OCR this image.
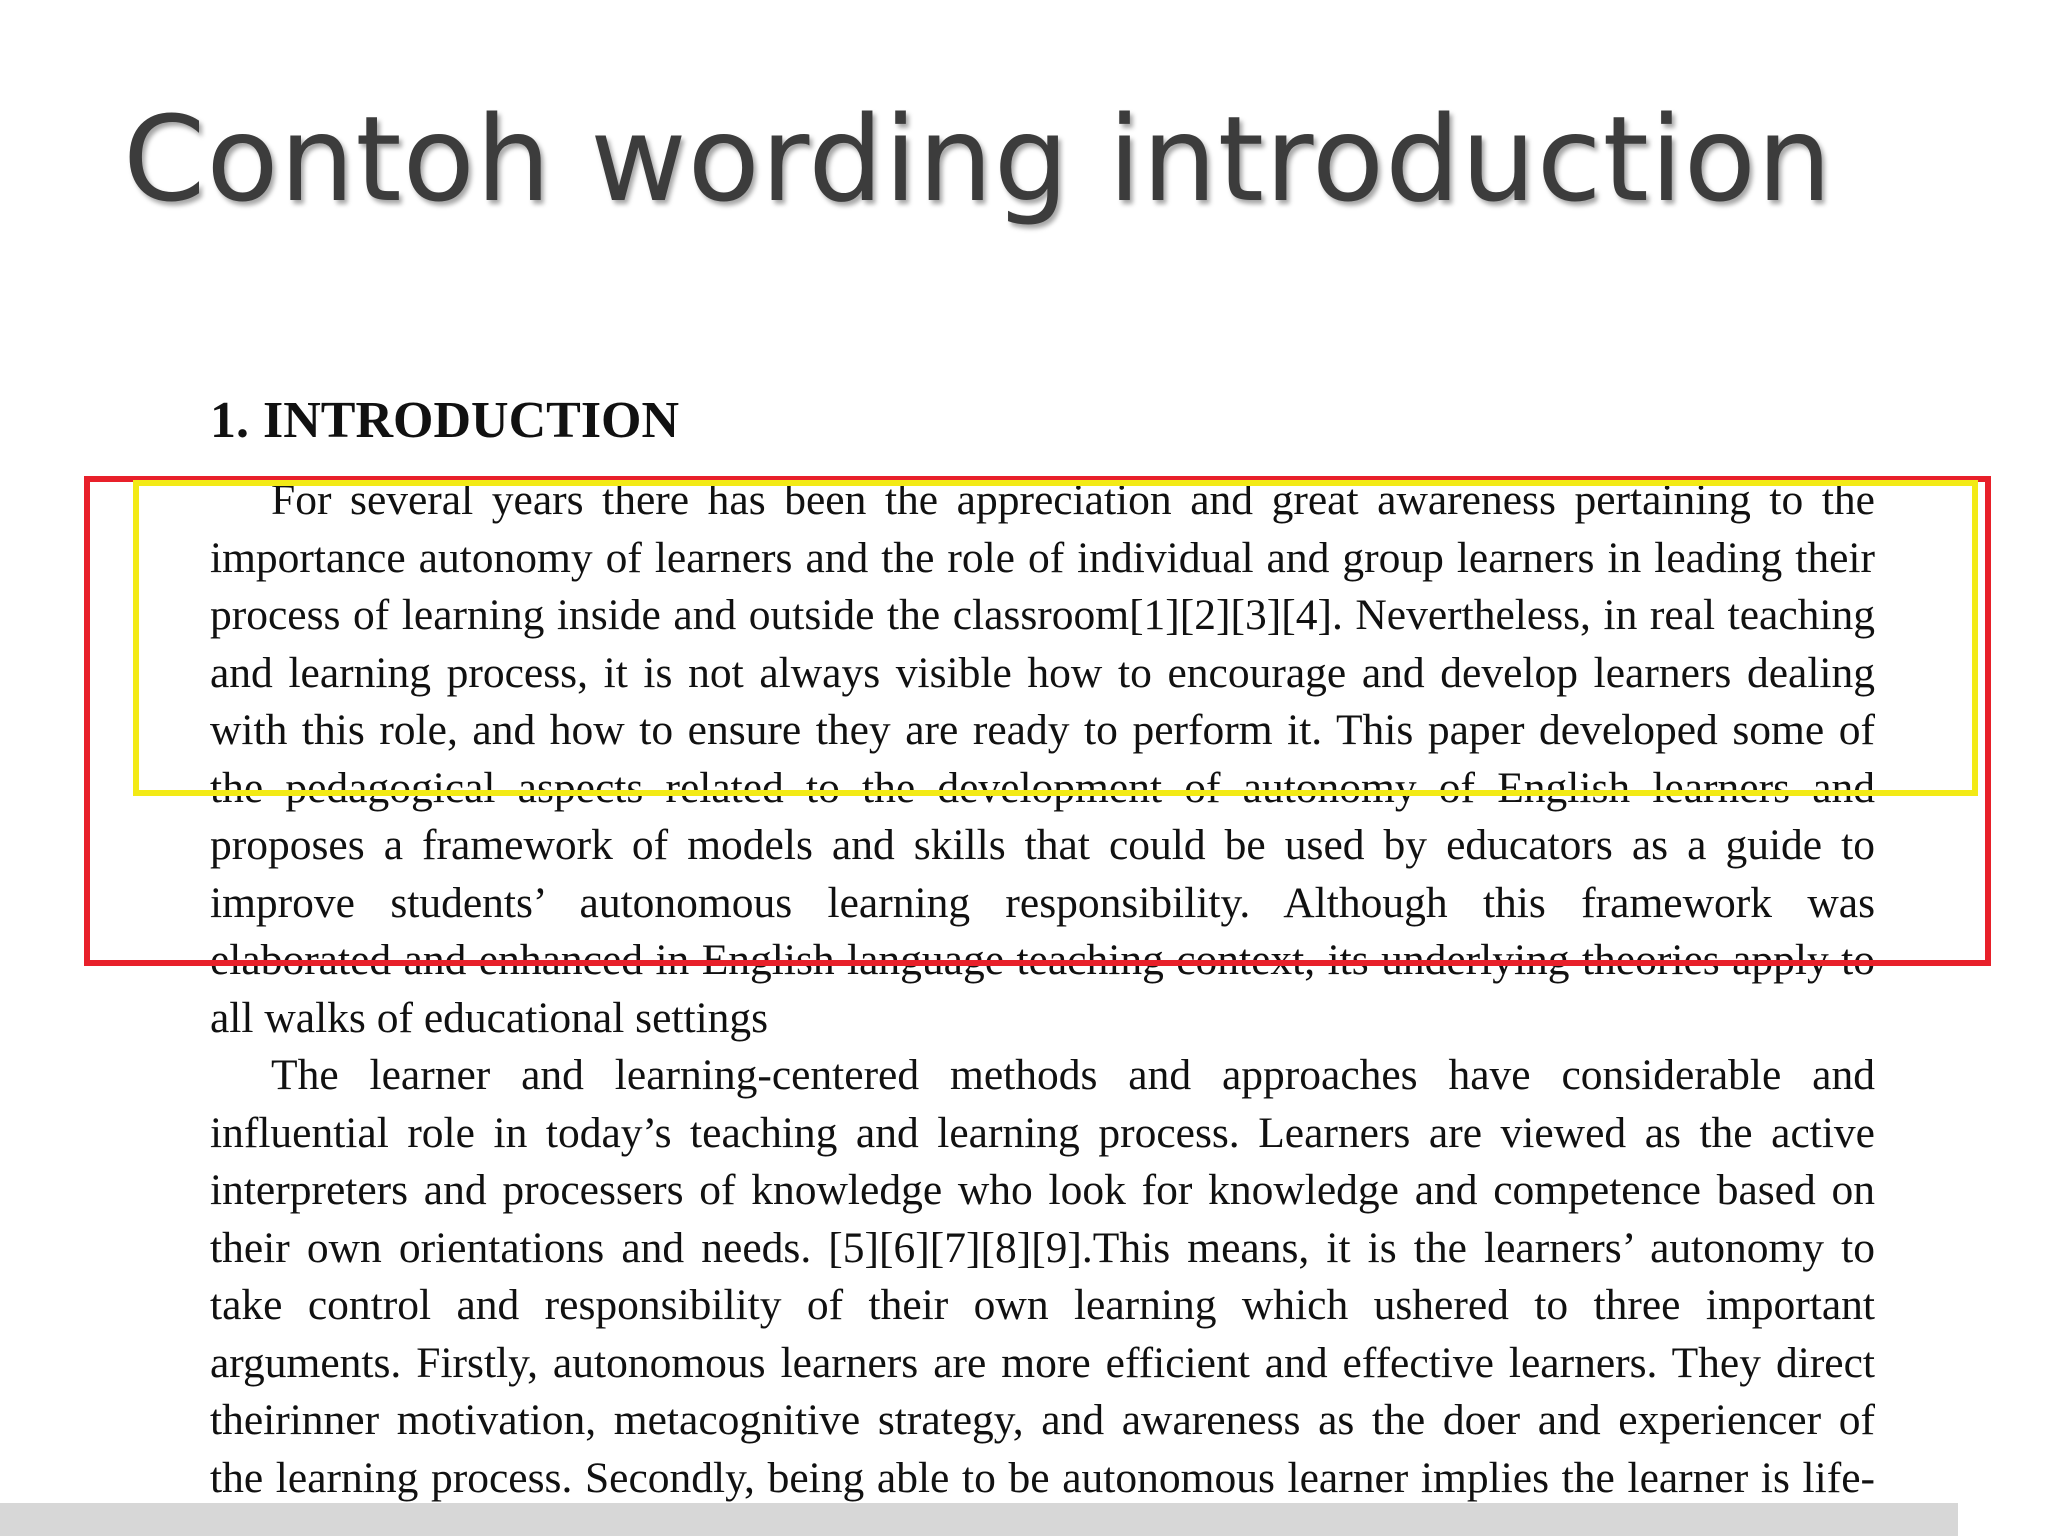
Contoh wording introduction
1. INTRODUCTION
For several years there has been the appreciation and great awareness pertaining to the
importance autonomy of learners and the role of individual and group learners in leading their
process of learning inside and outside the classroom[1][2][3][4]. Nevertheless, in real teaching
and learning process, it is not always visible how to encourage and develop learners dealing
with this role, and how to ensure they are ready to perform it. This paper developed some of
the pedagogical aspects related to the development of autonomy of English learners and
proposes a framework of models and skills that could be used by educators as a guide to
improve students’ autonomous learning responsibility. Although this framework was
elaborated and enhanced in English language teaching context, its underlying theories apply to
all walks of educational settings
The learner and learning-centered methods and approaches have considerable and
influential role in today’s teaching and learning process. Learners are viewed as the active
interpreters and processers of knowledge who look for knowledge and competence based on
their own orientations and needs. [5][6][7][8][9].This means, it is the learners’ autonomy to
take control and responsibility of their own learning which ushered to three important
arguments. Firstly, autonomous learners are more efficient and effective learners. They direct
theirinner motivation, metacognitive strategy, and awareness as the doer and experiencer of
the learning process. Secondly, being able to be autonomous learner implies the learner is life-
